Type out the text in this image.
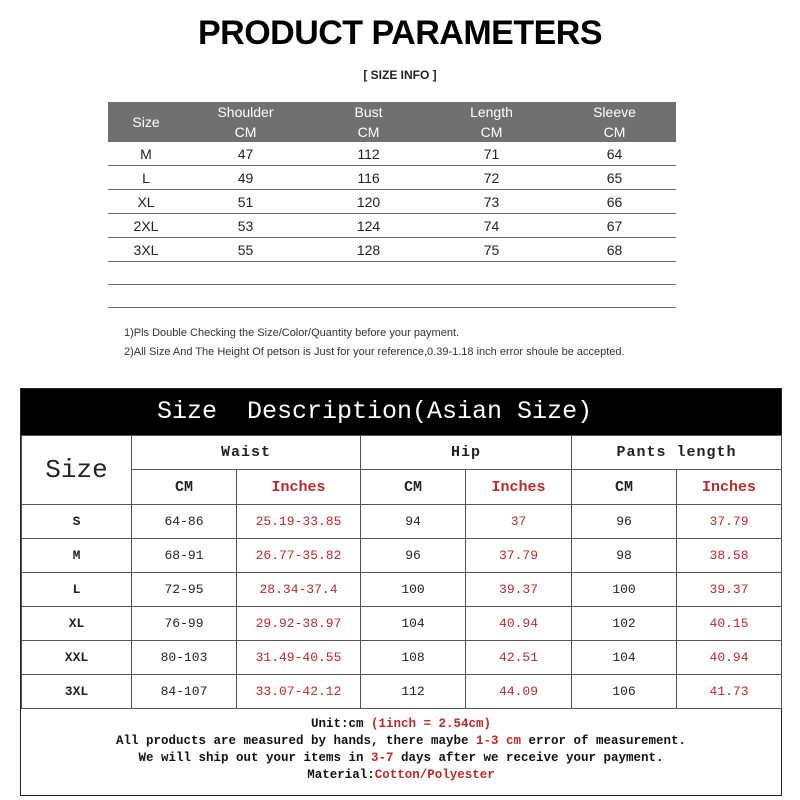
PRODUCT PARAMETERS
[ SIZE INFO ]
Size	Shoulder	Bust	Length	Sleeve
	CM	CM	CM	CM
M	47	112	71	64
L	49	116	72	65
XL	51	120	73	66
2XL	53	124	74	67
3XL	55	128	75	68

1)Pls Double Checking the Size/Color/Quantity before your payment.
2)All Size And The Height Of petson is Just for your reference,0.39-1.18 inch error shoule be accepted.
Size  Description(Asian Size)
Size	Waist		Hip		Pants length	
	CM	Inches	CM	Inches	CM	Inches
S	64-86	25.19-33.85	94	37	96	37.79
M	68-91	26.77-35.82	96	37.79	98	38.58
L	72-95	28.34-37.4	100	39.37	100	39.37
XL	76-99	29.92-38.97	104	40.94	102	40.15
XXL	80-103	31.49-40.55	108	42.51	104	40.94
3XL	84-107	33.07-42.12	112	44.09	106	41.73
Unit:cm (1inch = 2.54cm)
All products are measured by hands, there maybe 1-3 cm error of measurement.
We will ship out your items in 3-7 days after we receive your payment.
Material:Cotton/Polyester
